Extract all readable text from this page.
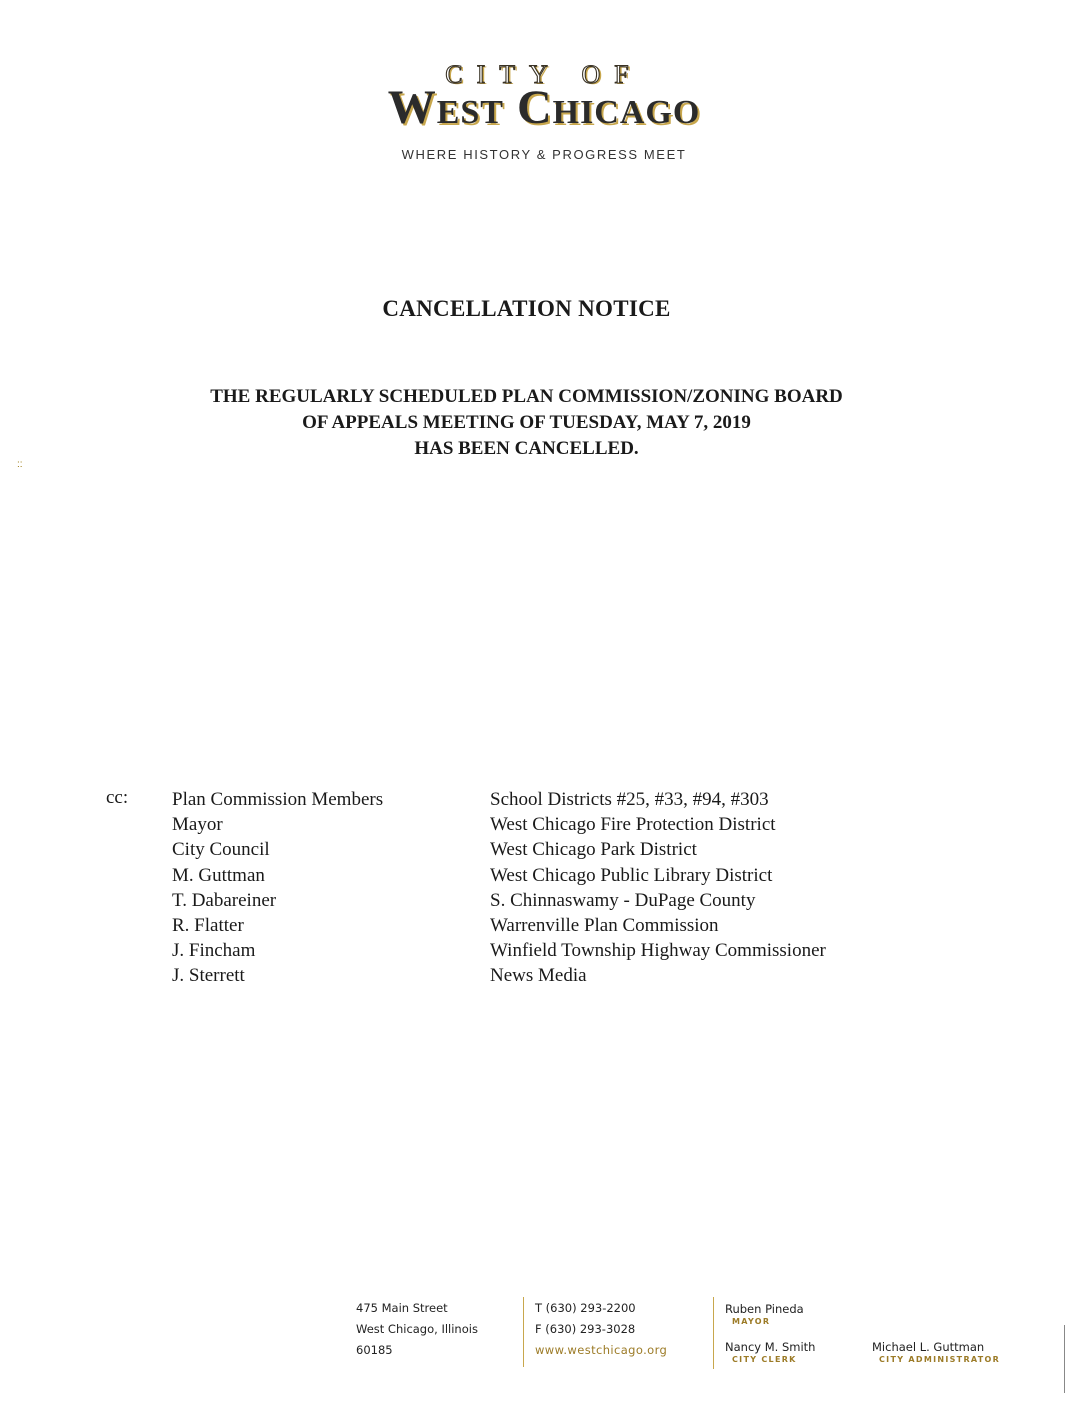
CITY OF
West Chicago
WHERE HISTORY & PROGRESS MEET
CANCELLATION NOTICE
THE REGULARLY SCHEDULED PLAN COMMISSION/ZONING BOARD
OF APPEALS MEETING OF TUESDAY, MAY 7, 2019
HAS BEEN CANCELLED.
::
cc: Plan Commission Members
Mayor
City Council
M. Guttman
T. Dabareiner
R. Flatter
J. Fincham
J. Sterrett
School Districts #25, #33, #94, #303
West Chicago Fire Protection District
West Chicago Park District
West Chicago Public Library District
S. Chinnaswamy - DuPage County
Warrenville Plan Commission
Winfield Township Highway Commissioner
News Media
475 Main Street
West Chicago, Illinois
60185
T (630) 293-2200
F (630) 293-3028
www.westchicago.org
Ruben Pineda
MAYOR
Nancy M. Smith
CITY CLERK
Michael L. Guttman
CITY ADMINISTRATOR
